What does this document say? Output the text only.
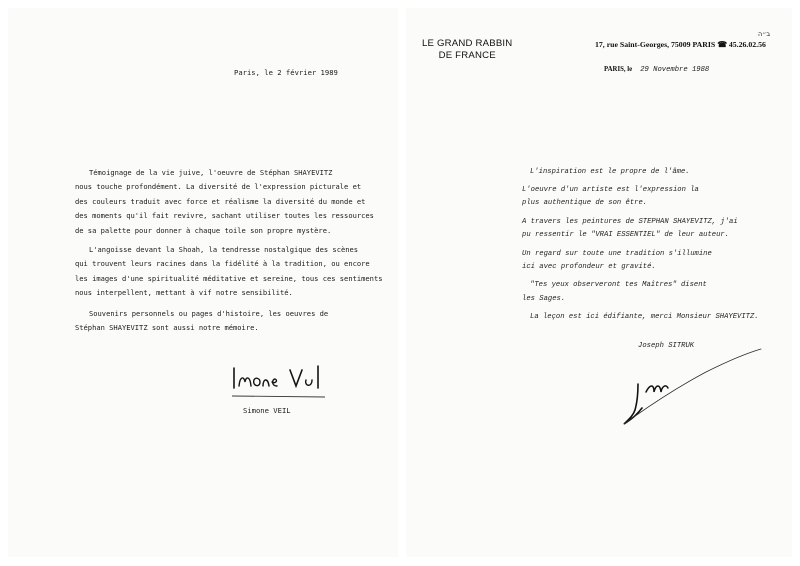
Paris, le 2 février 1989
Témoignage de la vie juive, l'oeuvre de Stéphan SHAYEVITZ
nous touche profondément. La diversité de l'expression picturale et
des couleurs traduit avec force et réalisme la diversité du monde et
des moments qu'il fait revivre, sachant utiliser toutes les ressources
de sa palette pour donner à chaque toile son propre mystère.
L'angoisse devant la Shoah, la tendresse nostalgique des scènes
qui trouvent leurs racines dans la fidélité à la tradition, ou encore
les images d'une spiritualité méditative et sereine, tous ces sentiments
nous interpellent, mettant à vif notre sensibilité.
Souvenirs personnels ou pages d'histoire, les oeuvres de
Stéphan SHAYEVITZ sont aussi notre mémoire.
Simone VEIL
LE GRAND RABBIN
DE FRANCE
ב״ה
17, rue Saint-Georges, 75009 PARIS ☎ 45.26.02.56
PARIS, le 29 Novembre 1988
L'inspiration est le propre de l'âme.
L'oeuvre d'un artiste est l'expression la
plus authentique de son être.
A travers les peintures de STEPHAN SHAYEVITZ, j'ai
pu ressentir le "VRAI ESSENTIEL" de leur auteur.
Un regard sur toute une tradition s'illumine
ici avec profondeur et gravité.
"Tes yeux observeront tes Maîtres" disent
les Sages.
La leçon est ici édifiante, merci Monsieur SHAYEVITZ.
Joseph SITRUK
